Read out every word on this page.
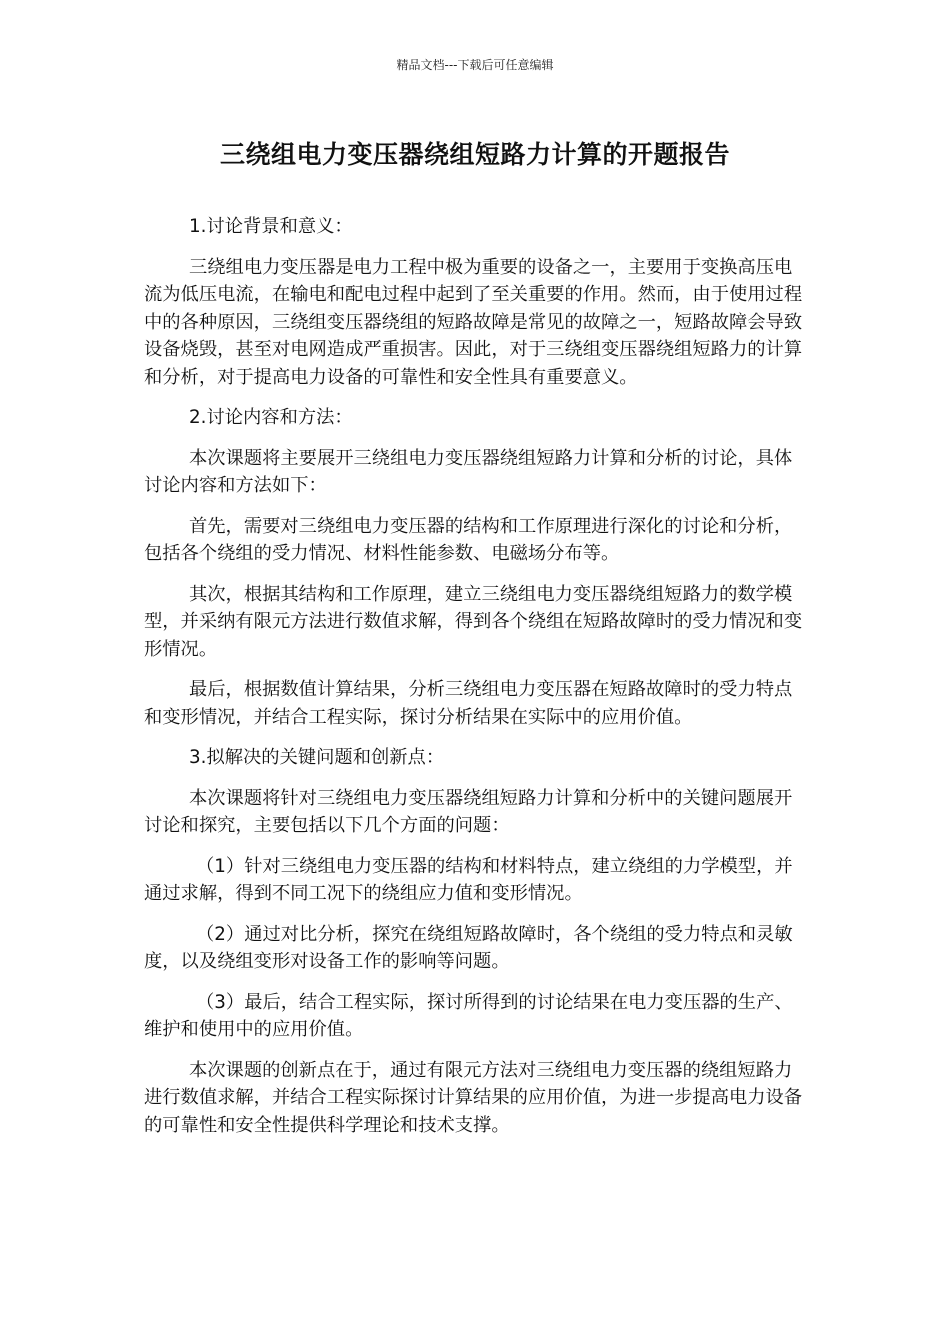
精品文档---下载后可任意编辑
三绕组电力变压器绕组短路力计算的开题报告

1.讨论背景和意义：

三绕组电力变压器是电力工程中极为重要的设备之一，主要用于变换高压电流为低压电流，在输电和配电过程中起到了至关重要的作用。然而，由于使用过程中的各种原因，三绕组变压器绕组的短路故障是常见的故障之一，短路故障会导致设备烧毁，甚至对电网造成严重损害。因此，对于三绕组变压器绕组短路力的计算和分析，对于提高电力设备的可靠性和安全性具有重要意义。

2.讨论内容和方法：

本次课题将主要展开三绕组电力变压器绕组短路力计算和分析的讨论，具体讨论内容和方法如下：

首先，需要对三绕组电力变压器的结构和工作原理进行深化的讨论和分析，包括各个绕组的受力情况、材料性能参数、电磁场分布等。

其次，根据其结构和工作原理，建立三绕组电力变压器绕组短路力的数学模型，并采纳有限元方法进行数值求解，得到各个绕组在短路故障时的受力情况和变形情况。

最后，根据数值计算结果，分析三绕组电力变压器在短路故障时的受力特点和变形情况，并结合工程实际，探讨分析结果在实际中的应用价值。

3.拟解决的关键问题和创新点：

本次课题将针对三绕组电力变压器绕组短路力计算和分析中的关键问题展开讨论和探究，主要包括以下几个方面的问题：

（1）针对三绕组电力变压器的结构和材料特点，建立绕组的力学模型，并通过求解，得到不同工况下的绕组应力值和变形情况。

（2）通过对比分析，探究在绕组短路故障时，各个绕组的受力特点和灵敏度，以及绕组变形对设备工作的影响等问题。

（3）最后，结合工程实际，探讨所得到的讨论结果在电力变压器的生产、维护和使用中的应用价值。

本次课题的创新点在于，通过有限元方法对三绕组电力变压器的绕组短路力进行数值求解，并结合工程实际探讨计算结果的应用价值，为进一步提高电力设备的可靠性和安全性提供科学理论和技术支撑。
